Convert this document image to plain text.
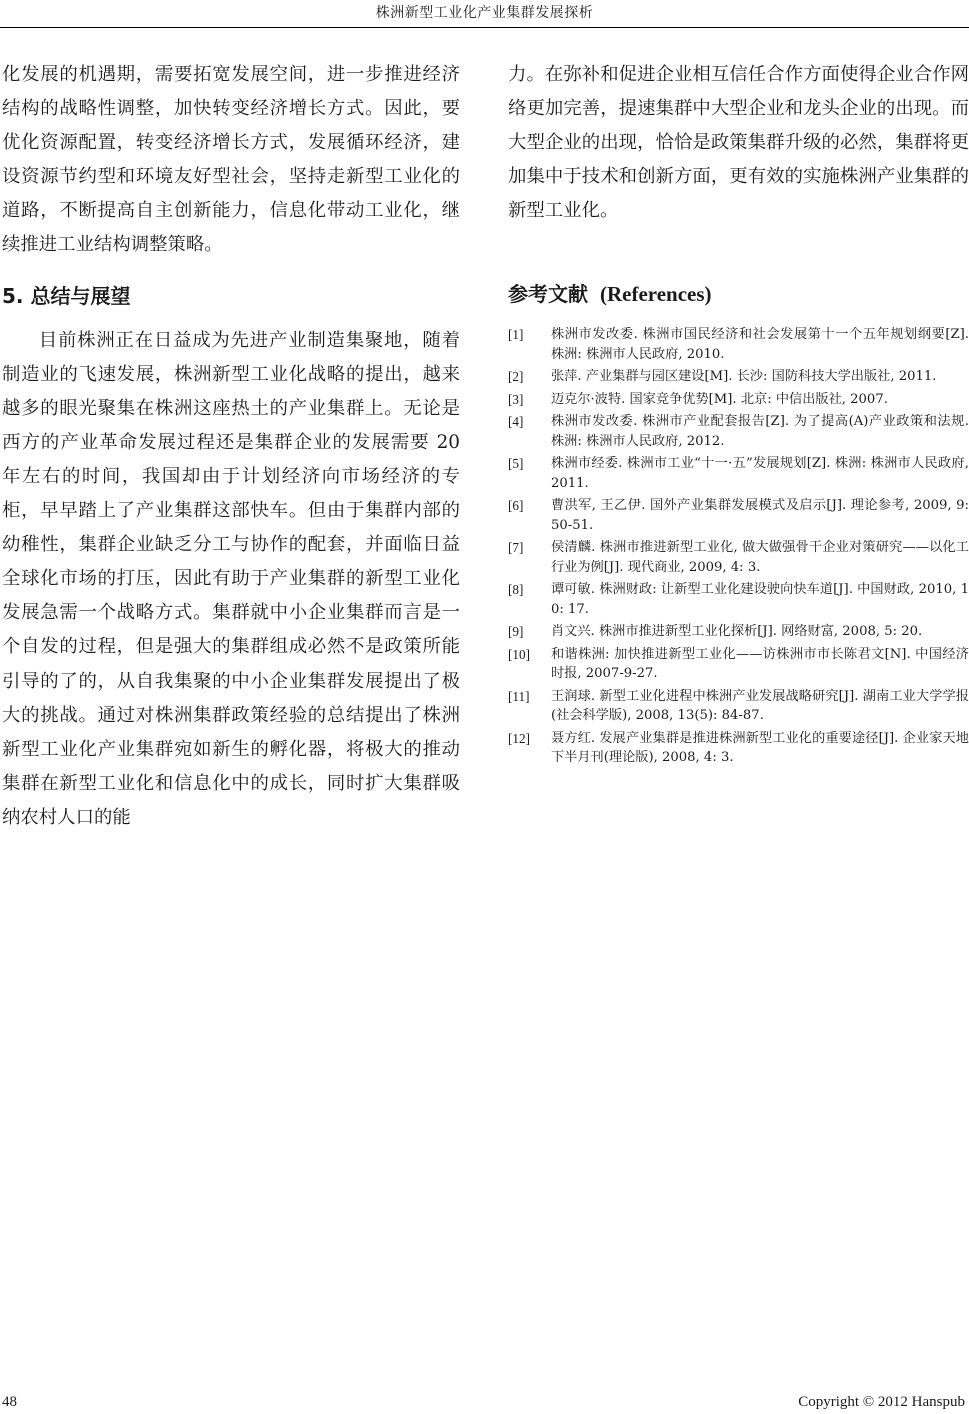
株洲新型工业化产业集群发展探析

化发展的机遇期，需要拓宽发展空间，进一步推进经济结构的战略性调整，加快转变经济增长方式。因此，要优化资源配置，转变经济增长方式，发展循环经济，建设资源节约型和环境友好型社会，坚持走新型工业化的道路，不断提高自主创新能力，信息化带动工业化，继续推进工业结构调整策略。

5. 总结与展望

目前株洲正在日益成为先进产业制造集聚地，随着制造业的飞速发展，株洲新型工业化战略的提出，越来越多的眼光聚集在株洲这座热土的产业集群上。无论是西方的产业革命发展过程还是集群企业的发展需要 20 年左右的时间，我国却由于计划经济向市场经济的专柜，早早踏上了产业集群这部快车。但由于集群内部的幼稚性，集群企业缺乏分工与协作的配套，并面临日益全球化市场的打压，因此有助于产业集群的新型工业化发展急需一个战略方式。集群就中小企业集群而言是一个自发的过程，但是强大的集群组成必然不是政策所能引导的了的，从自我集聚的中小企业集群发展提出了极大的挑战。通过对株洲集群政策经验的总结提出了株洲新型工业化产业集群宛如新生的孵化器，将极大的推动集群在新型工业化和信息化中的成长，同时扩大集群吸纳农村人口的能

力。在弥补和促进企业相互信任合作方面使得企业合作网络更加完善，提速集群中大型企业和龙头企业的出现。而大型企业的出现，恰恰是政策集群升级的必然，集群将更加集中于技术和创新方面，更有效的实施株洲产业集群的新型工业化。

参考文献 (References)
[1]	株洲市发改委. 株洲市国民经济和社会发展第十一个五年规划纲要[Z]. 株洲: 株洲市人民政府, 2010.
[2]	张萍. 产业集群与园区建设[M]. 长沙: 国防科技大学出版社, 2011.
[3]	迈克尔·波特. 国家竞争优势[M]. 北京: 中信出版社, 2007.
[4]	株洲市发改委. 株洲市产业配套报告[Z]. 为了提高(A)产业政策和法规. 株洲: 株洲市人民政府, 2012.
[5]	株洲市经委. 株洲市工业“十一·五”发展规划[Z]. 株洲: 株洲市人民政府, 2011.
[6]	曹洪军, 王乙伊. 国外产业集群发展模式及启示[J]. 理论参考, 2009, 9: 50-51.
[7]	侯清麟. 株洲市推进新型工业化, 做大做强骨干企业对策研究——以化工行业为例[J]. 现代商业, 2009, 4: 3.
[8]	谭可敏. 株洲财政: 让新型工业化建设驶向快车道[J]. 中国财政, 2010, 10: 17.
[9]	肖文兴. 株洲市推进新型工业化探析[J]. 网络财富, 2008, 5: 20.
[10]	和谐株洲: 加快推进新型工业化——访株洲市市长陈君文[N]. 中国经济时报, 2007-9-27.
[11]	王润球. 新型工业化进程中株洲产业发展战略研究[J]. 湖南工业大学学报(社会科学版), 2008, 13(5): 84-87.
[12]	聂方红. 发展产业集群是推进株洲新型工业化的重要途径[J]. 企业家天地下半月刊(理论版), 2008, 4: 3.
48	Copyright © 2012 Hanspub
